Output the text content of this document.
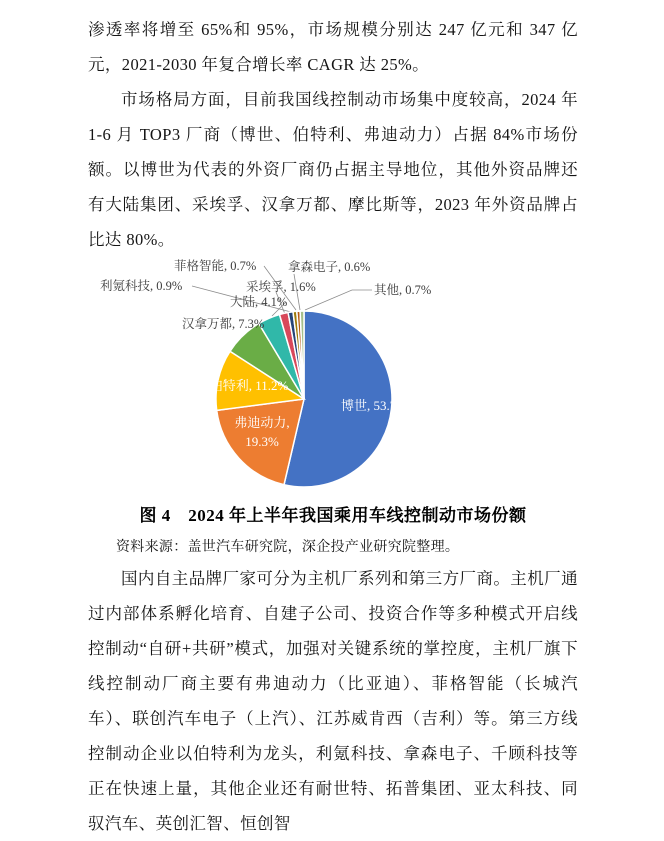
渗透率将增至 65%和 95%，市场规模分别达 247 亿元和 347 亿元，2021-2030 年复合增长率 CAGR 达 25%。

市场格局方面，目前我国线控制动市场集中度较高，2024 年 1-6 月 TOP3 厂商（博世、伯特利、弗迪动力）占据 84%市场份额。以博世为代表的外资厂商仍占据主导地位，其他外资品牌还有大陆集团、采埃孚、汉拿万都、摩比斯等，2023 年外资品牌占比达 80%。

博世, 53.7%
弗迪动力,
19.3%
伯特利, 11.2%
汉拿万都, 7.3%
大陆, 4.1%
采埃孚, 1.6%
利氪科技, 0.9%
菲格智能, 0.7%	拿森电子, 0.6%
其他, 0.7%

图 4　2024 年上半年我国乘用车线控制动市场份额

资料来源：盖世汽车研究院，深企投产业研究院整理。

国内自主品牌厂家可分为主机厂系列和第三方厂商。主机厂通过内部体系孵化培育、自建子公司、投资合作等多种模式开启线控制动“自研+共研”模式，加强对关键系统的掌控度，主机厂旗下线控制动厂商主要有弗迪动力（比亚迪）、菲格智能（长城汽车）、联创汽车电子（上汽）、江苏威肯西（吉利）等。第三方线控制动企业以伯特利为龙头，利氪科技、拿森电子、千顾科技等正在快速上量，其他企业还有耐世特、拓普集团、亚太科技、同驭汽车、英创汇智、恒创智
